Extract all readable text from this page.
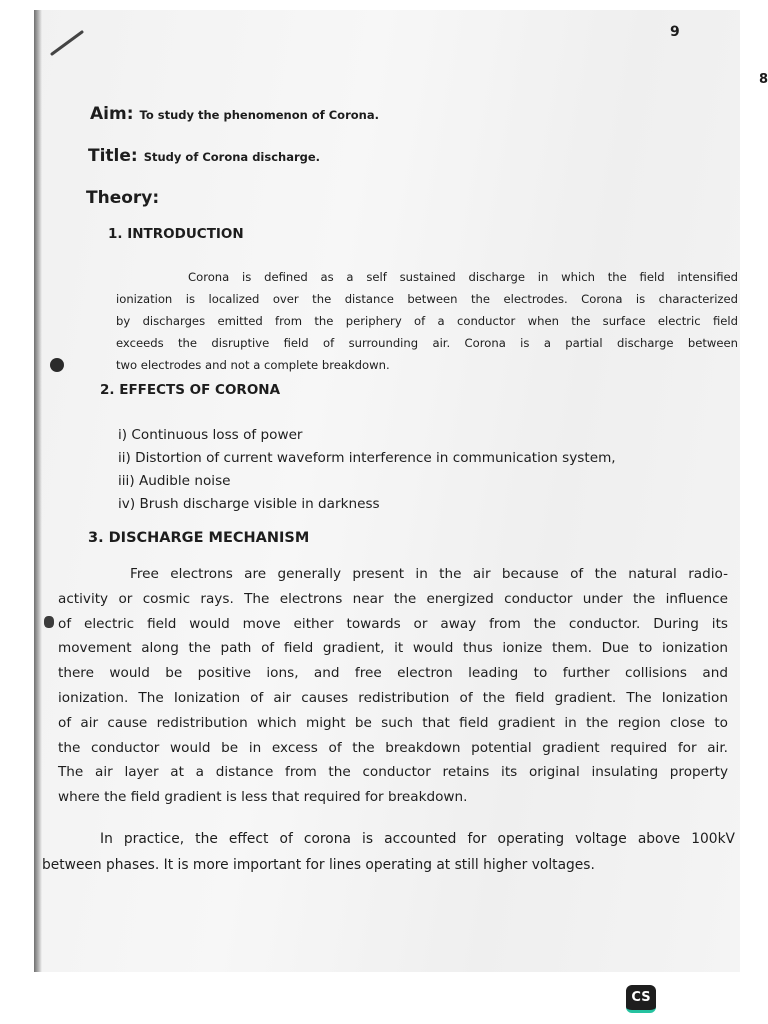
9
8
Aim: To study the phenomenon of Corona.
Title: Study of Corona discharge.
Theory:
1. INTRODUCTION
Corona is defined as a self sustained discharge in which the field intensified
ionization is localized over the distance between the electrodes. Corona is characterized
by discharges emitted from the periphery of a conductor when the surface electric field
exceeds the disruptive field of surrounding air. Corona is a partial discharge between
two electrodes and not a complete breakdown.
2. EFFECTS OF CORONA
i) Continuous loss of power
ii) Distortion of current waveform interference in communication system,
iii) Audible noise
iv) Brush discharge visible in darkness
3. DISCHARGE MECHANISM
Free electrons are generally present in the air because of the natural radio-
activity or cosmic rays. The electrons near the energized conductor under the influence
of electric field would move either towards or away from the conductor. During its
movement along the path of field gradient, it would thus ionize them. Due to ionization
there would be positive ions, and free electron leading to further collisions and
ionization. The Ionization of air causes redistribution of the field gradient. The Ionization
of air cause redistribution which might be such that field gradient in the region close to
the conductor would be in excess of the breakdown potential gradient required for air.
The air layer at a distance from the conductor retains its original insulating property
where the field gradient is less that required for breakdown.
In practice, the effect of corona is accounted for operating voltage above 100kV
between phases. It is more important for lines operating at still higher voltages.
CS
